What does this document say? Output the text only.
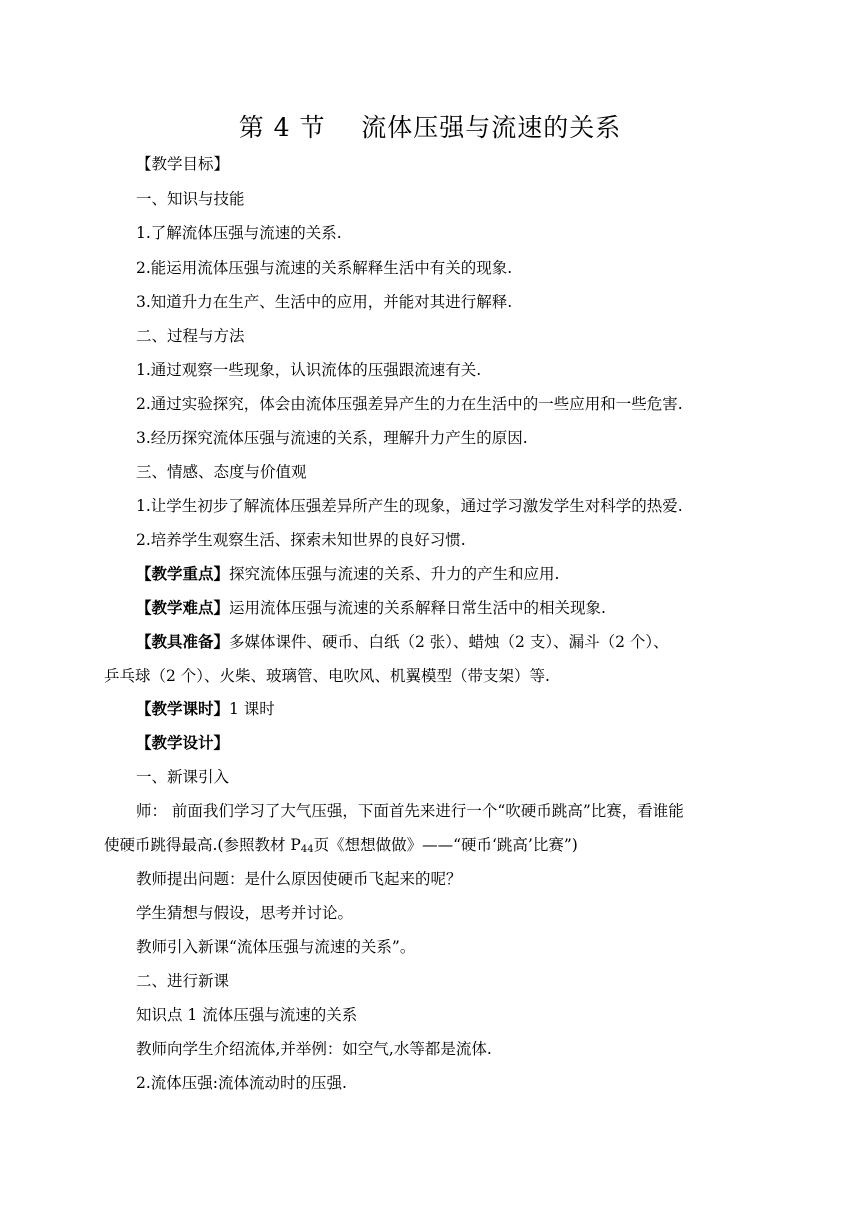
第 4 节    流体压强与流速的关系
【教学目标】
一、知识与技能
1.了解流体压强与流速的关系.
2.能运用流体压强与流速的关系解释生活中有关的现象.
3.知道升力在生产、生活中的应用，并能对其进行解释.
二、过程与方法
1.通过观察一些现象，认识流体的压强跟流速有关.
2.通过实验探究，体会由流体压强差异产生的力在生活中的一些应用和一些危害.
3.经历探究流体压强与流速的关系，理解升力产生的原因.
三、情感、态度与价值观
1.让学生初步了解流体压强差异所产生的现象，通过学习激发学生对科学的热爱.
2.培养学生观察生活、探索未知世界的良好习惯.
【教学重点】探究流体压强与流速的关系、升力的产生和应用.
【教学难点】运用流体压强与流速的关系解释日常生活中的相关现象.
【教具准备】多媒体课件、硬币、白纸（2 张）、蜡烛（2 支）、漏斗（2 个）、
乒乓球（2 个）、火柴、玻璃管、电吹风、机翼模型（带支架）等.
【教学课时】1 课时
【教学设计】
一、新课引入
师： 前面我们学习了大气压强，下面首先来进行一个“吹硬币跳高”比赛，看谁能
使硬币跳得最高.(参照教材 $P_{44}$页《想想做做》——“硬币‘跳高’比赛”)
教师提出问题：是什么原因使硬币飞起来的呢？
学生猜想与假设，思考并讨论。
教师引入新课“流体压强与流速的关系”。
二、进行新课
知识点 1 流体压强与流速的关系
教师向学生介绍流体,并举例：如空气,水等都是流体.
2.流体压强:流体流动时的压强.
